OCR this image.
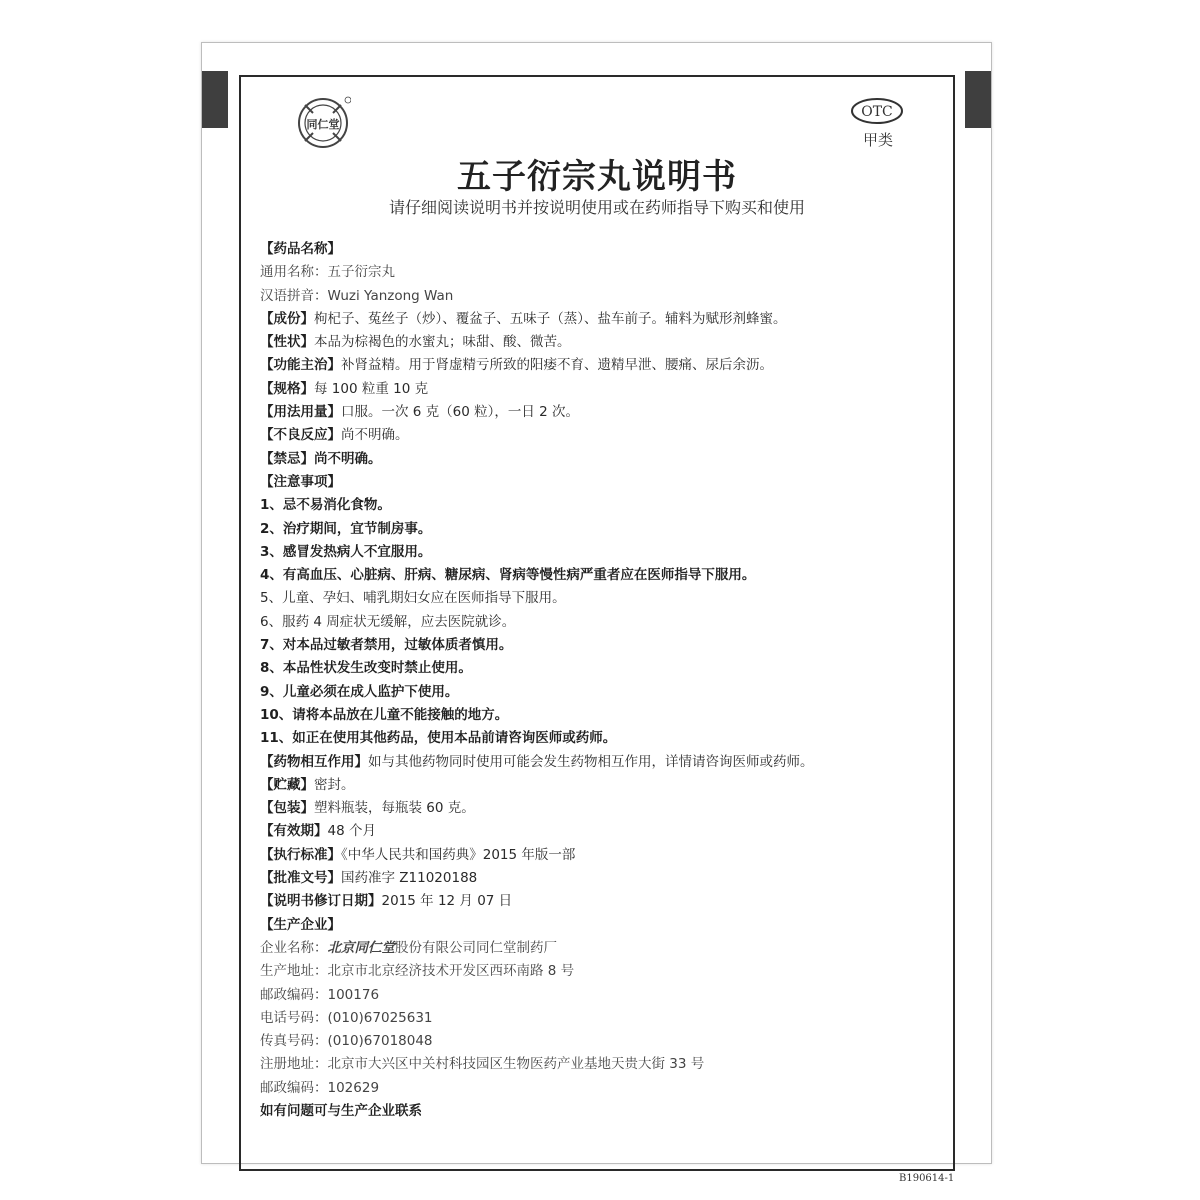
同仁堂
OTC
甲类
五子衍宗丸说明书
请仔细阅读说明书并按说明使用或在药师指导下购买和使用
【药品名称】
通用名称：五子衍宗丸
汉语拼音：Wuzi Yanzong Wan
【成份】枸杞子、菟丝子（炒）、覆盆子、五味子（蒸）、盐车前子。辅料为赋形剂蜂蜜。
【性状】本品为棕褐色的水蜜丸；味甜、酸、微苦。
【功能主治】补肾益精。用于肾虚精亏所致的阳痿不育、遗精早泄、腰痛、尿后余沥。
【规格】每 100 粒重 10 克
【用法用量】口服。一次 6 克（60 粒），一日 2 次。
【不良反应】尚不明确。
【禁忌】尚不明确。
【注意事项】
1、忌不易消化食物。
2、治疗期间，宜节制房事。
3、感冒发热病人不宜服用。
4、有高血压、心脏病、肝病、糖尿病、肾病等慢性病严重者应在医师指导下服用。
5、儿童、孕妇、哺乳期妇女应在医师指导下服用。
6、服药 4 周症状无缓解，应去医院就诊。
7、对本品过敏者禁用，过敏体质者慎用。
8、本品性状发生改变时禁止使用。
9、儿童必须在成人监护下使用。
10、请将本品放在儿童不能接触的地方。
11、如正在使用其他药品，使用本品前请咨询医师或药师。
【药物相互作用】如与其他药物同时使用可能会发生药物相互作用，详情请咨询医师或药师。
【贮藏】密封。
【包装】塑料瓶装，每瓶装 60 克。
【有效期】48 个月
【执行标准】《中华人民共和国药典》2015 年版一部
【批准文号】国药准字 Z11020188
【说明书修订日期】2015 年 12 月 07 日
【生产企业】
企业名称：北京同仁堂股份有限公司同仁堂制药厂
生产地址：北京市北京经济技术开发区西环南路 8 号
邮政编码：100176
电话号码：(010)67025631
传真号码：(010)67018048
注册地址：北京市大兴区中关村科技园区生物医药产业基地天贵大街 33 号
邮政编码：102629
如有问题可与生产企业联系
B190614-1
